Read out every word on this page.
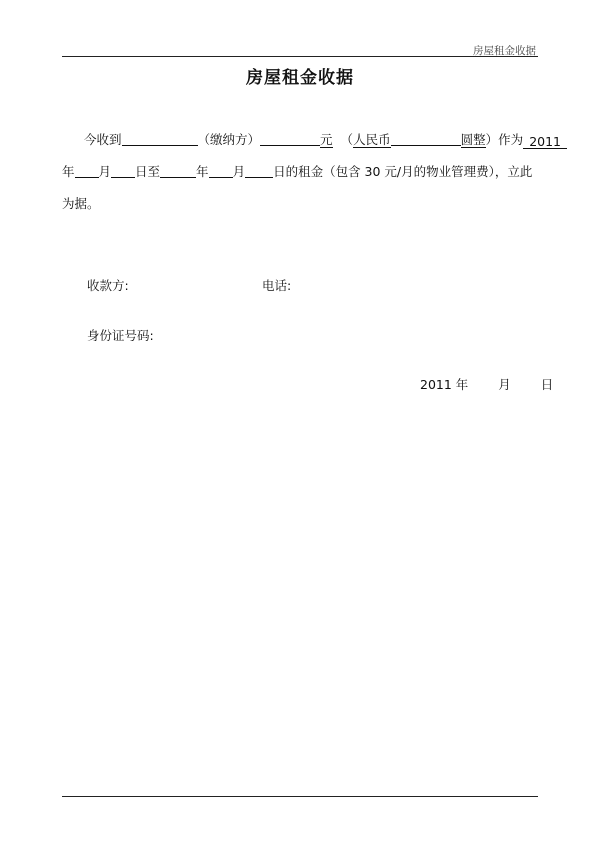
房屋租金收据
房屋租金收据
今收到	（缴纳方）	元 （人民币	圆整）作为 2011
年 月 日至	年 月 日的租金（包含 30 元/月的物业管理费），立此
为据。
收款方:	电话:
身份证号码:
2011 年 月 日
